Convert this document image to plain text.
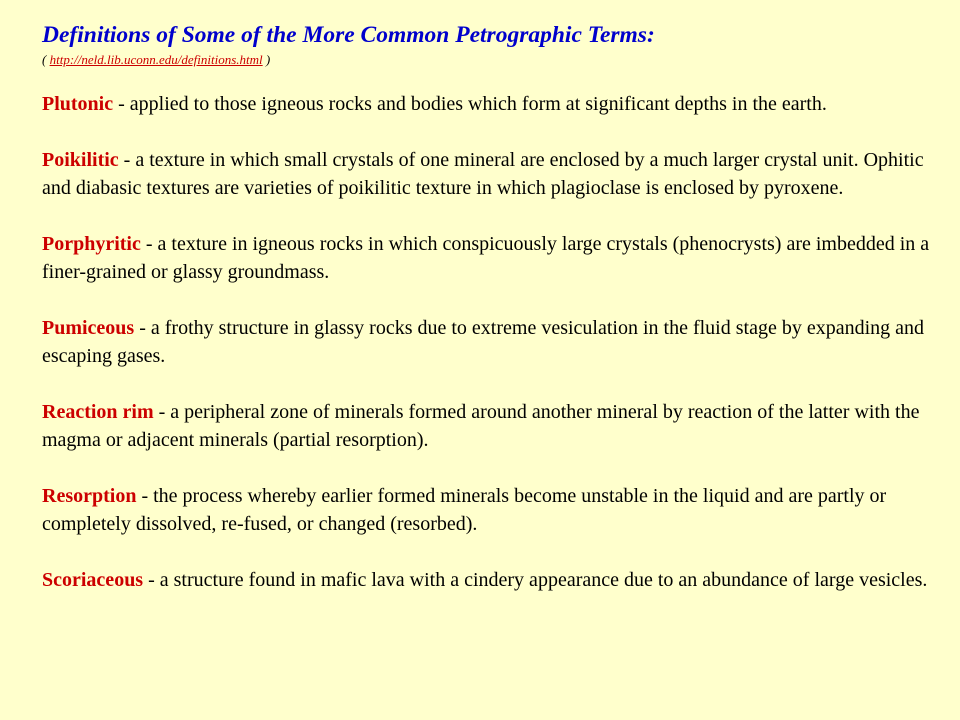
Definitions of Some of the More Common Petrographic Terms:

( http://neld.lib.uconn.edu/definitions.html )

Plutonic - applied to those igneous rocks and bodies which form at significant depths in the earth.

Poikilitic - a texture in which small crystals of one mineral are enclosed by a much larger crystal unit. Ophitic and diabasic textures are varieties of poikilitic texture in which plagioclase is enclosed by pyroxene.

Porphyritic - a texture in igneous rocks in which conspicuously large crystals (phenocrysts) are imbedded in a finer-grained or glassy groundmass.

Pumiceous - a frothy structure in glassy rocks due to extreme vesiculation in the fluid stage by expanding and escaping gases.

Reaction rim - a peripheral zone of minerals formed around another mineral by reaction of the latter with the magma or adjacent minerals (partial resorption).

Resorption - the process whereby earlier formed minerals become unstable in the liquid and are partly or completely dissolved, re-fused, or changed (resorbed).

Scoriaceous - a structure found in mafic lava with a cindery appearance due to an abundance of large vesicles.
